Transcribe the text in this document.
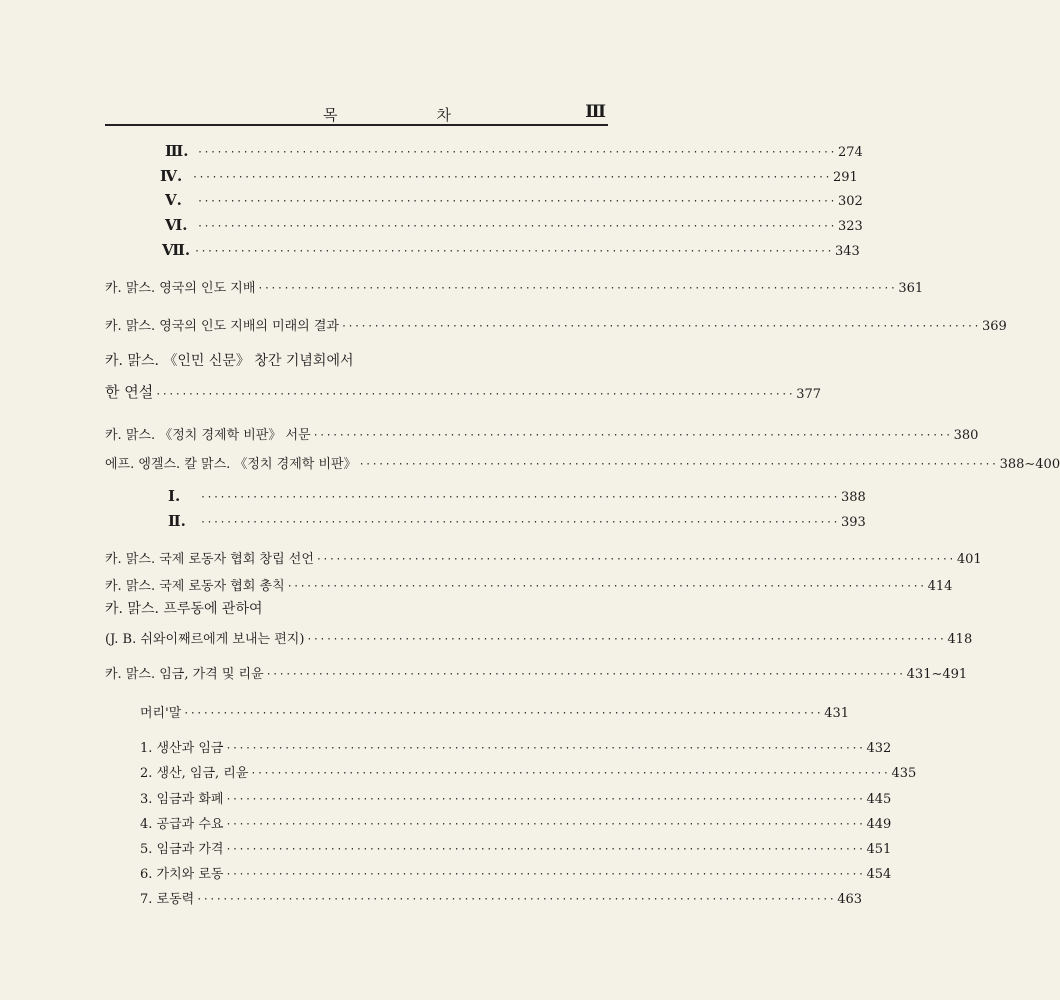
목	차	Ⅲ
Ⅲ. ·································································································· 274
Ⅳ. ·································································································· 291
Ⅴ.	·································································································· 302
Ⅵ. ·································································································· 323
Ⅶ. ·································································································· 343
카. 맑스. 영국의 인도 지배 ·································································································· 361
카. 맑스. 영국의 인도 지배의 미래의 결과 ·································································································· 369
카. 맑스. 《인민 신문》 창간 기념회에서
한 연설 ·································································································· 377
카. 맑스. 《정치 경제학 비판》 서문 ·································································································· 380
에프. 엥겔스. 칼 맑스. 《정치 경제학 비판》 ·································································································· 388∼400
Ⅰ.	·································································································· 388
Ⅱ.	·································································································· 393
카. 맑스. 국제 로동자 협회 창립 선언 ·································································································· 401
카. 맑스. 국제 로동자 협회 총칙 ·································································································· 414
카. 맑스. 프루동에 관하여
(J. B. 쉬와이째르에게 보내는 편지) ·································································································· 418
카. 맑스. 임금, 가격 및 리윤 ·································································································· 431∼491
머리'말 ·································································································· 431
1. 생산과 임금 ·································································································· 432
2. 생산, 임금, 리윤 ·································································································· 435
3. 임금과 화폐 ·································································································· 445
4. 공급과 수요 ·································································································· 449
5. 임금과 가격 ·································································································· 451
6. 가치와 로동 ·································································································· 454
7. 로동력 ·································································································· 463
